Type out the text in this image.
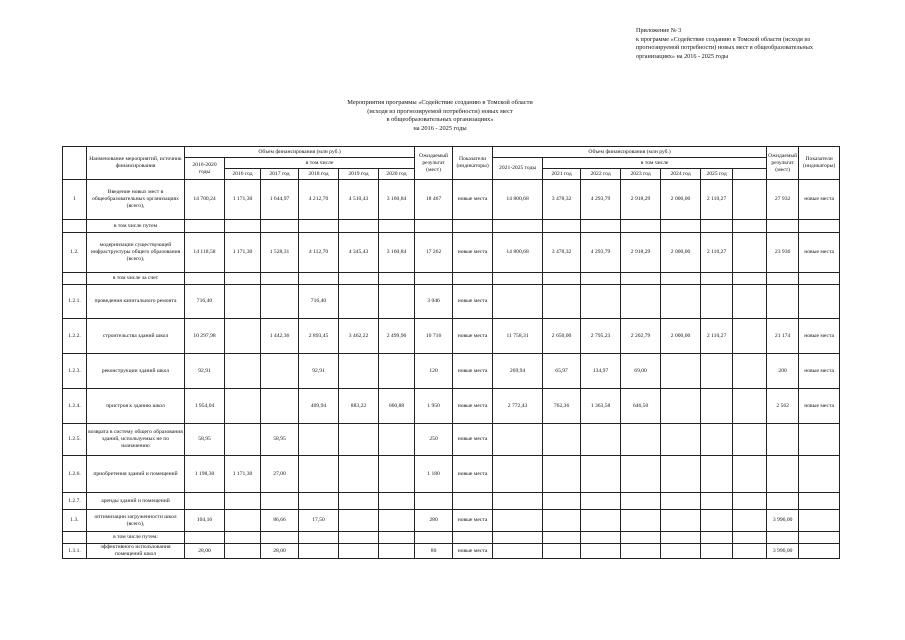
Приложение № 3
к программе «Содействие созданию в Томской области (исходя из
прогнозируемой потребности) новых мест в общеобразовательных
организациях» на 2016 - 2025 годы
Мероприятия программы «Содействие созданию в Томской области
(исходя из прогнозируемой потребности) новых мест
в общеобразовательных организациях»
на 2016 - 2025 годы
	Наименование мероприятий, источник финансирования	Объем финансирования (млн руб.)						Ожидаемый результат (мест)	Показатели (индикаторы)	Объем финансирования (млн руб.)							Ожидаемый результат (мест)	Показатели (индикаторы)
		2016-2020 годы	в том числе							2021-2025 годы	в том числе							
			2016 год	2017 год	2018 год	2019 год	2020 год				2021 год	2022 год	2023 год	2024 год	2025 год			
1	Введение новых мест в общеобразовательных организациях (всего),	14 700,24	1 171,30	1 644,97	4 212,70	4 510,43	3 160,84	18 467	новые места	14 800,68	3 478,32	4 293,79	2 918,29	2 000,00	2 110,27		27 932	новые места
	в том числе путем																	
1.2.	модернизации существующей инфраструктуры общего образования (всего),	14 118,58	1 171,30	1 528,31	4 112,70	4 345,43	3 160,84	17 262	новые места	14 800,68	3 478,32	4 293,79	2 918,29	2 000,00	2 110,27		23 936	новые места
	в том числе за счет																	
1.2.1.	проведения капитального ремонта	716,40			716,40			3 046	новые места									
1.2.2.	строительства зданий школ	10 297,98		1 442,36	2 893,45	3 462,22	2 499,96	10 716	новые места	11 758,31	2 650,00	2 795,23	2 202,79	2 000,00	2 110,27		21 174	новые места
1.2.3.	реконструкции зданий школ	92,91			92,91			120	новые места	269,94	65,97	134,97	69,00				200	новые места
1.2.4.	пристроя к зданию школ	1 954,04			409,94	883,22	660,88	1 950	новые места	2 772,43	762,36	1 363,58	646,50				2 562	новые места
1.2.5.	возврата в систему общего образования зданий, используемых не по назначению	58,95		58,95				250	новые места									
1.2.6.	приобретения зданий и помещений	1 198,30	1 171,30	27,00				1 180	новые места									
1.2.7.	аренды зданий и помещений																	
1.3.	оптимизации загруженности школ (всего),	104,16		86,66	17,50			280	новые места								3 996,00	
	в том числе путем:																	
1.3.1.	эффективного использования помещений школ	28,00		28,00				80	новые места								3 996,00	
